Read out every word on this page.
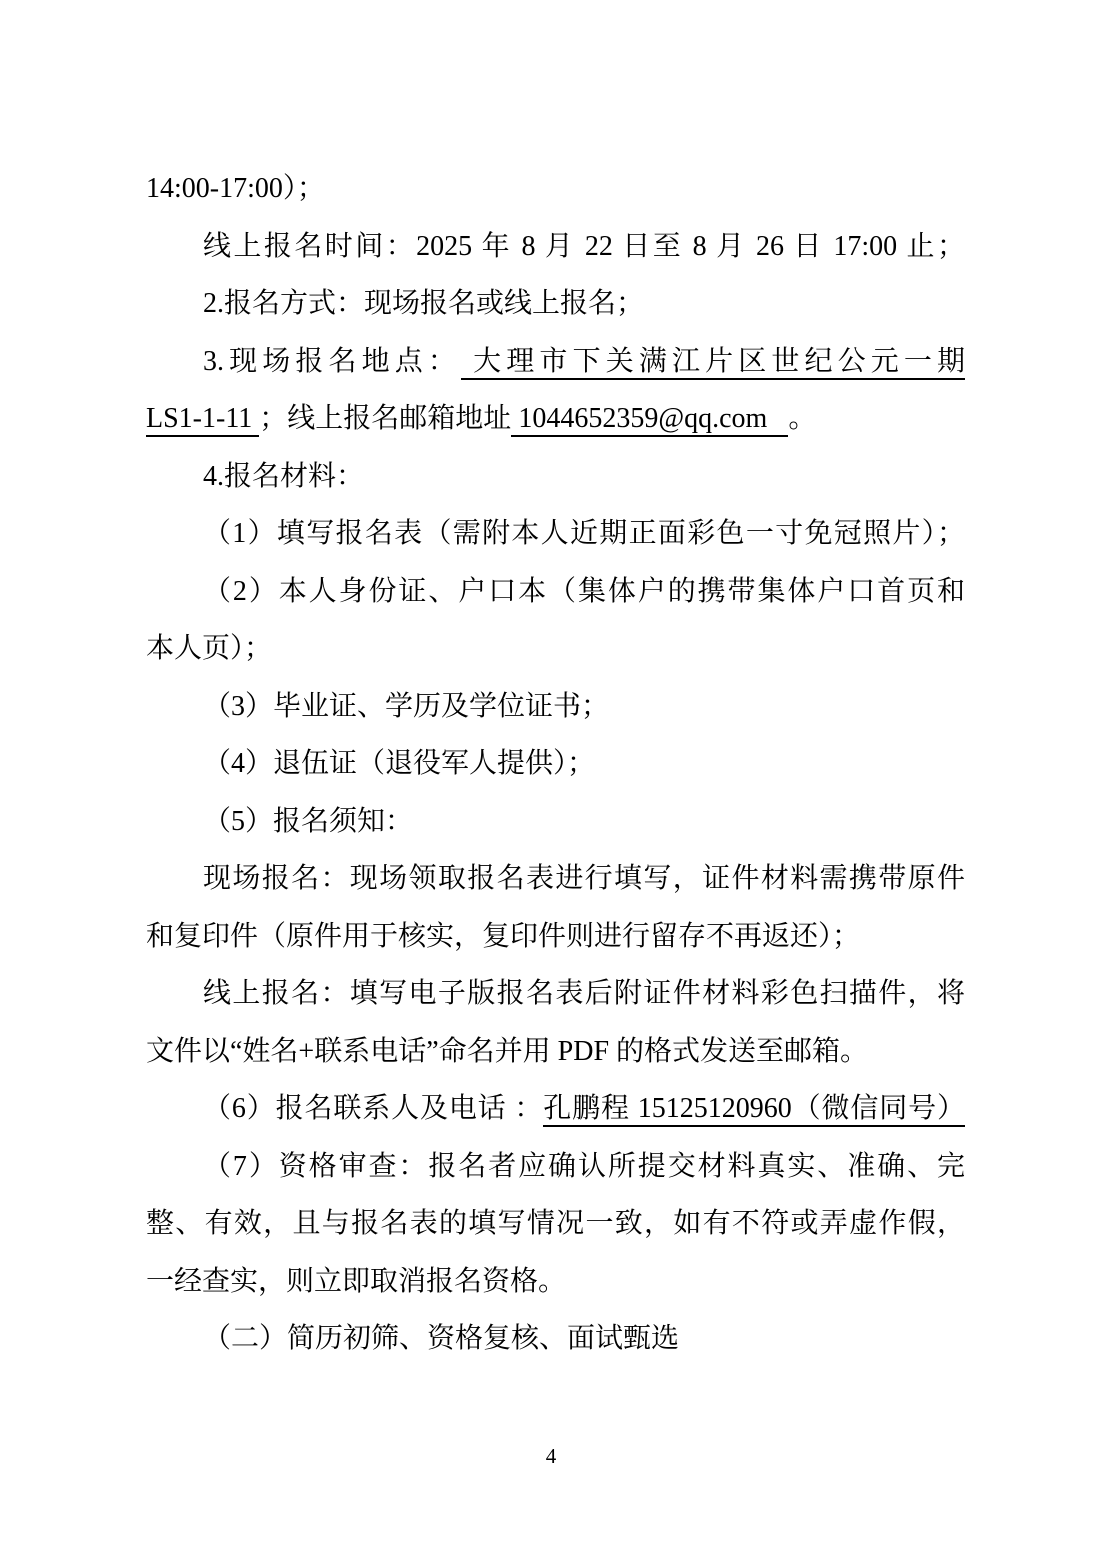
14:00-17:00）；
线上报名时间：2025 年 8 月 22 日至 8 月 26 日 17:00 止；
2.报名方式：现场报名或线上报名；
3.现场报名地点： 大理市下关满江片区世纪公元一期
LS1-1-11 ；线上报名邮箱地址 1044652359@qq.com   。
4.报名材料：
（1）填写报名表（需附本人近期正面彩色一寸免冠照片）；
（2）本人身份证、户口本（集体户的携带集体户口首页和
本人页）；
（3）毕业证、学历及学位证书；
（4）退伍证（退役军人提供）；
（5）报名须知：
现场报名：现场领取报名表进行填写，证件材料需携带原件
和复印件（原件用于核实，复印件则进行留存不再返还）；
线上报名：填写电子版报名表后附证件材料彩色扫描件，将
文件以“姓名+联系电话”命名并用 PDF 的格式发送至邮箱。
（6）报名联系人及电话 ：孔鹏程 15125120960（微信同号）
（7）资格审查：报名者应确认所提交材料真实、准确、完
整、有效，且与报名表的填写情况一致，如有不符或弄虚作假，
一经查实，则立即取消报名资格。
（二）简历初筛、资格复核、面试甄选
4
